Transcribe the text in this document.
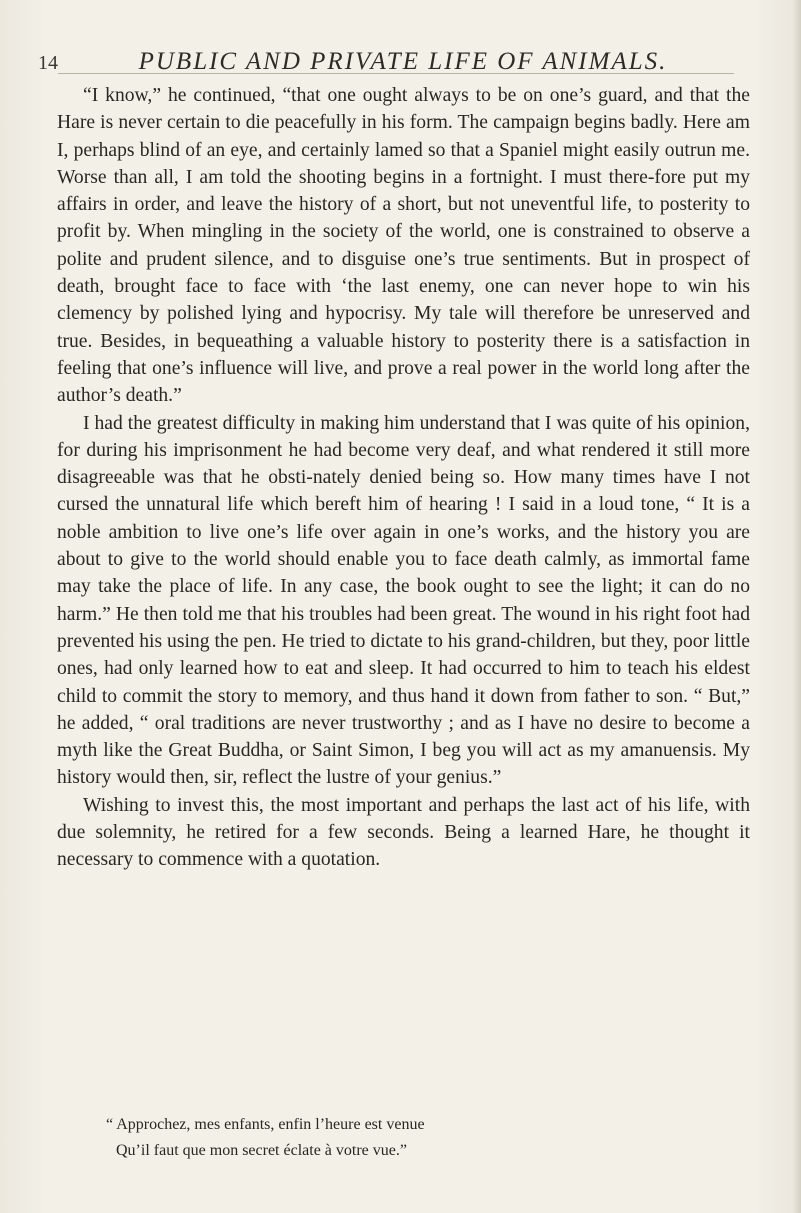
14	PUBLIC AND PRIVATE LIFE OF ANIMALS.

“I know,” he continued, “that one ought always to be on one’s guard, and that the Hare is never certain to die peacefully in his form. The campaign begins badly. Here am I, perhaps blind of an eye, and certainly lamed so that a Spaniel might easily outrun me. Worse than all, I am told the shooting begins in a fortnight. I must there-fore put my affairs in order, and leave the history of a short, but not uneventful life, to posterity to profit by. When mingling in the society of the world, one is constrained to observe a polite and prudent silence, and to disguise one’s true sentiments. But in prospect of death, brought face to face with ‘the last enemy, one can never hope to win his clemency by polished lying and hypocrisy. My tale will therefore be unreserved and true. Besides, in bequeathing a valuable history to posterity there is a satisfaction in feeling that one’s influence will live, and prove a real power in the world long after the author’s death.”

I had the greatest difficulty in making him understand that I was quite of his opinion, for during his imprisonment he had become very deaf, and what rendered it still more disagreeable was that he obsti-nately denied being so. How many times have I not cursed the unnatural life which bereft him of hearing ! I said in a loud tone, “ It is a noble ambition to live one’s life over again in one’s works, and the history you are about to give to the world should enable you to face death calmly, as immortal fame may take the place of life. In any case, the book ought to see the light; it can do no harm.” He then told me that his troubles had been great. The wound in his right foot had prevented his using the pen. He tried to dictate to his grand-children, but they, poor little ones, had only learned how to eat and sleep. It had occurred to him to teach his eldest child to commit the story to memory, and thus hand it down from father to son. “ But,” he added, “ oral traditions are never trustworthy ; and as I have no desire to become a myth like the Great Buddha, or Saint Simon, I beg you will act as my amanuensis. My history would then, sir, reflect the lustre of your genius.”

Wishing to invest this, the most important and perhaps the last act of his life, with due solemnity, he retired for a few seconds. Being a learned Hare, he thought it necessary to commence with a quotation.

“ Approchez, mes enfants, enfin l’heure est venue
Qu’il faut que mon secret éclate à votre vue.”
